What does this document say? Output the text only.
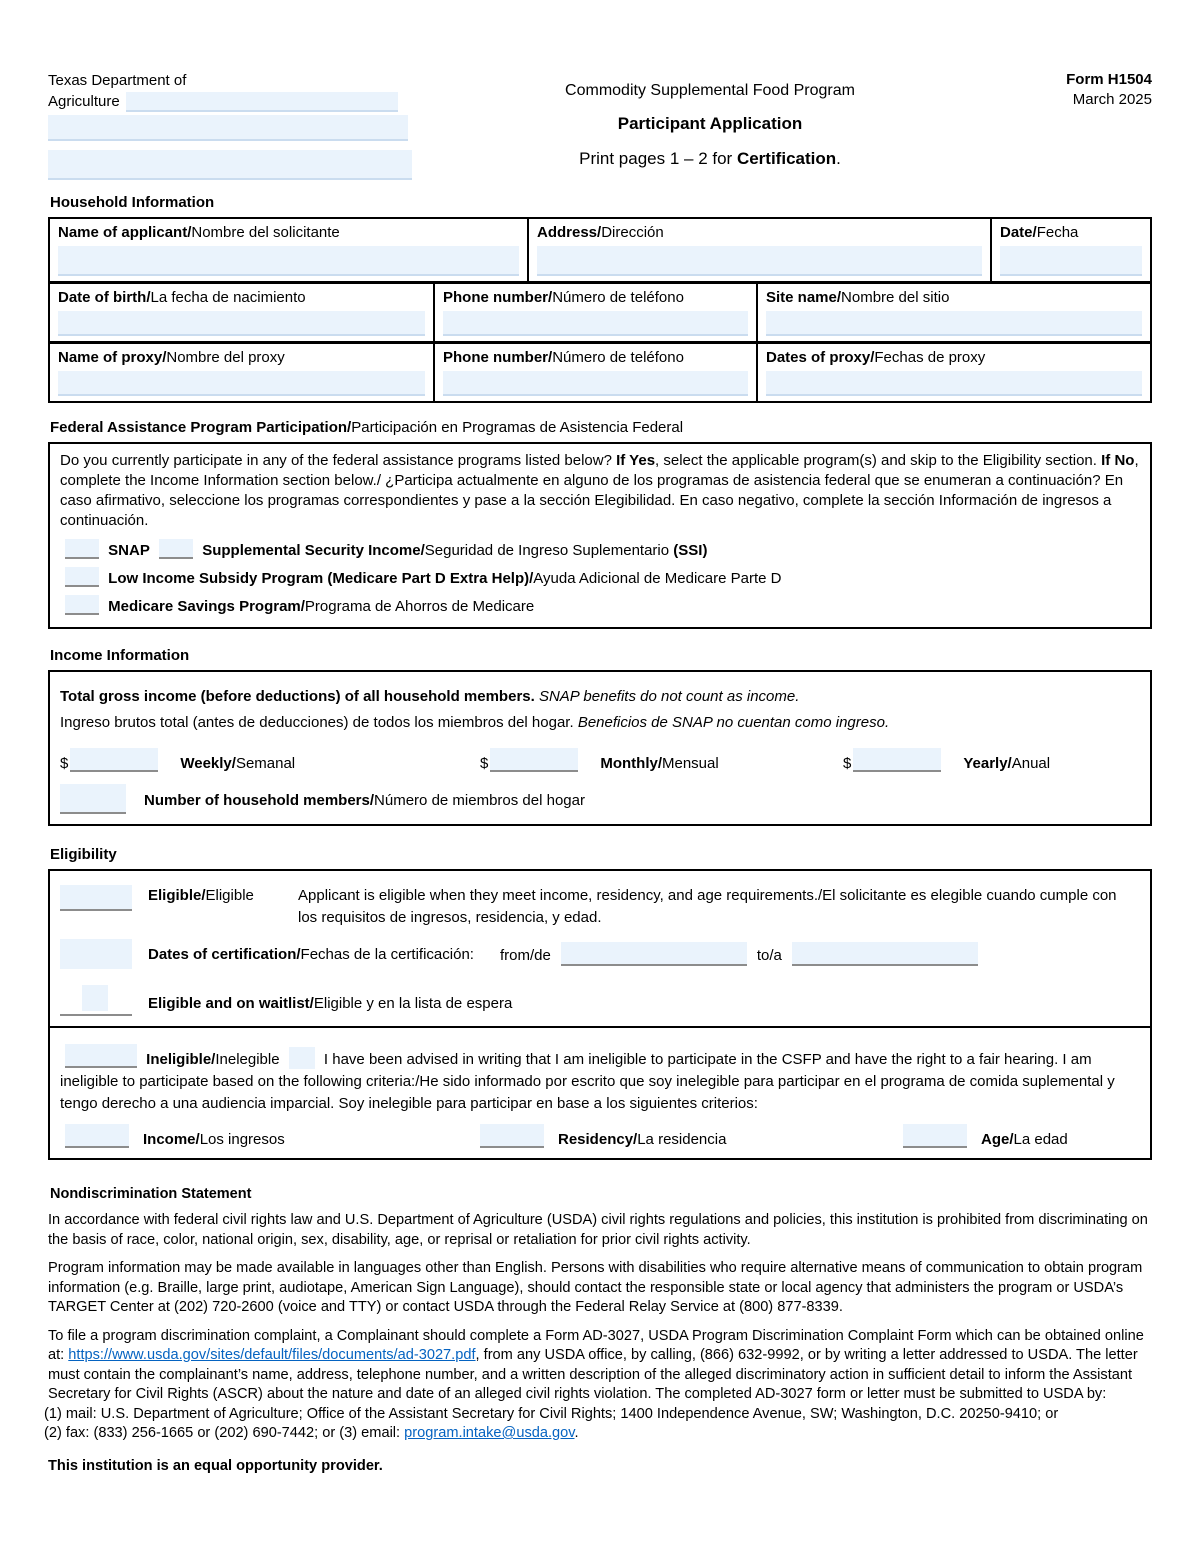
Texas Department of
Agriculture
Commodity Supplemental Food Program
Participant Application
Print pages 1 – 2 for Certification.
Form H1504
March 2025
Household Information
Name of applicant/Nombre del solicitante	Address/Dirección	Date/Fecha
Date of birth/La fecha de nacimiento	Phone number/Número de teléfono	Site name/Nombre del sitio
Name of proxy/Nombre del proxy	Phone number/Número de teléfono	Dates of proxy/Fechas de proxy
Federal Assistance Program Participation/Participación en Programas de Asistencia Federal

Do you currently participate in any of the federal assistance programs listed below? If Yes, select the applicable program(s) and skip to the Eligibility section. If No, complete the Income Information section below./ ¿Participa actualmente en alguno de los programas de asistencia federal que se enumeran a continuación? En caso afirmativo, seleccione los programas correspondientes y pase a la sección Elegibilidad. En caso negativo, complete la sección Información de ingresos a continuación.

SNAP	Supplemental Security Income/Seguridad de Ingreso Suplementario (SSI)
Low Income Subsidy Program (Medicare Part D Extra Help)/Ayuda Adicional de Medicare Parte D
Medicare Savings Program/Programa de Ahorros de Medicare
Income Information
Total gross income (before deductions) of all household members. SNAP benefits do not count as income.
Ingreso brutos total (antes de deducciones) de todos los miembros del hogar. Beneficios de SNAP no cuentan como ingreso.
$	Weekly/Semanal	$	Monthly/Mensual	$	Yearly/Anual
Number of household members/Número de miembros del hogar
Eligibility
Eligible/Eligible	Applicant is eligible when they meet income, residency, and age requirements./El solicitante es elegible cuando cumple con los requisitos de ingresos, residencia, y edad.
Dates of certification/Fechas de la certificación: from/de	to/a
Eligible and on waitlist/Eligible y en la lista de espera

Ineligible/Inelegible  I have been advised in writing that I am ineligible to participate in the CSFP and have the right to a fair hearing. I am ineligible to participate based on the following criteria:/He sido informado por escrito que soy inelegible para participar en el programa de comida suplemental y tengo derecho a una audiencia imparcial. Soy inelegible para participar en base a los siguientes criterios:

Income/Los ingresos	Residency/La residencia	Age/La edad
Nondiscrimination Statement

In accordance with federal civil rights law and U.S. Department of Agriculture (USDA) civil rights regulations and policies, this institution is prohibited from discriminating on the basis of race, color, national origin, sex, disability, age, or reprisal or retaliation for prior civil rights activity.

Program information may be made available in languages other than English. Persons with disabilities who require alternative means of communication to obtain program information (e.g. Braille, large print, audiotape, American Sign Language), should contact the responsible state or local agency that administers the program or USDA’s TARGET Center at (202) 720-2600 (voice and TTY) or contact USDA through the Federal Relay Service at (800) 877-8339.

To file a program discrimination complaint, a Complainant should complete a Form AD-3027, USDA Program Discrimination Complaint Form which can be obtained online at: https://www.usda.gov/sites/default/files/documents/ad-3027.pdf, from any USDA office, by calling, (866) 632-9992, or by writing a letter addressed to USDA. The letter must contain the complainant’s name, address, telephone number, and a written description of the alleged discriminatory action in sufficient detail to inform the Assistant Secretary for Civil Rights (ASCR) about the nature and date of an alleged civil rights violation. The completed AD-3027 form or letter must be submitted to USDA by:

(1) mail: U.S. Department of Agriculture; Office of the Assistant Secretary for Civil Rights; 1400 Independence Avenue, SW; Washington, D.C. 20250-9410; or

(2) fax: (833) 256-1665 or (202) 690-7442; or (3) email: program.intake@usda.gov.

This institution is an equal opportunity provider.
